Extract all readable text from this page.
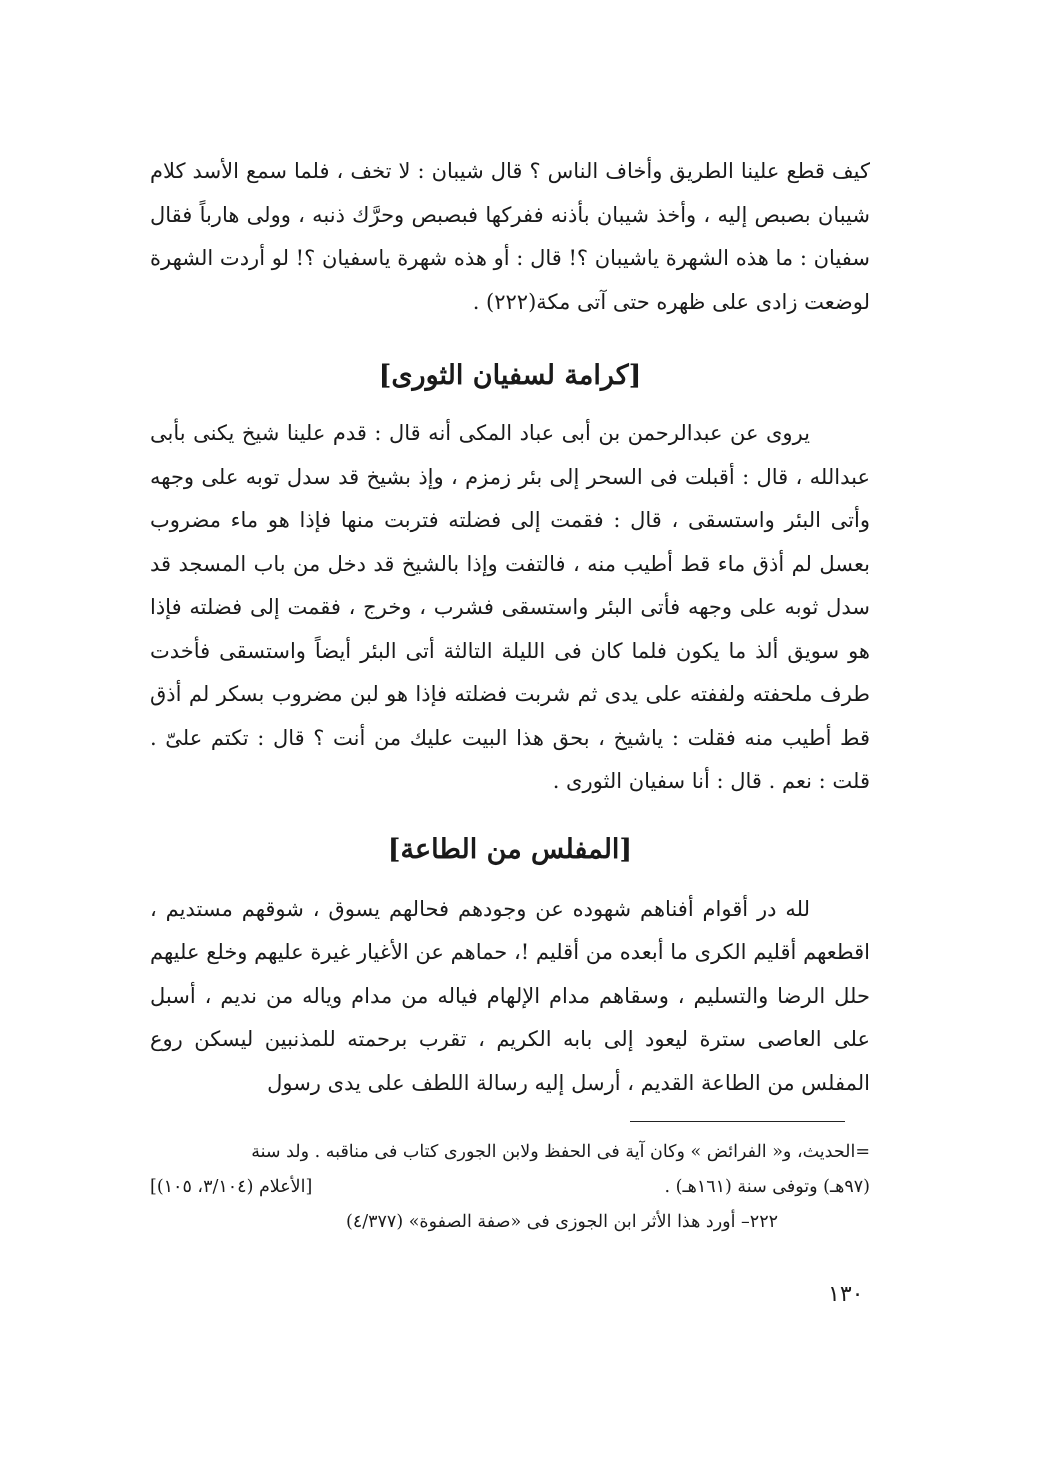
كيف قطع علينا الطريق وأخاف الناس ؟ قال شيبان : لا تخف ، فلما سمع الأسد كلام شيبان بصبص إليه ، وأخذ شيبان بأذنه ففركها فبصبص وحرَّك ذنبه ، وولى هارباً فقال سفيان : ما هذه الشهرة ياشيبان ؟! قال : أو هذه شهرة ياسفيان ؟! لو أردت الشهرة لوضعت زادى على ظهره حتى آتى مكة(٢٢٢) .

[كرامة لسفيان الثورى]

يروى عن عبدالرحمن بن أبى عباد المكى أنه قال : قدم علينا شيخ يكنى بأبى عبدالله ، قال : أقبلت فى السحر إلى بئر زمزم ، وإذ بشيخ قد سدل توبه على وجهه وأتى البئر واستسقى ، قال : فقمت إلى فضلته فتربت منها فإذا هو ماء مضروب بعسل لم أذق ماء قط أطيب منه ، فالتفت وإذا بالشيخ قد دخل من باب المسجد قد سدل ثوبه على وجهه فأتى البئر واستسقى فشرب ، وخرج ، فقمت إلى فضلته فإذا هو سويق ألذ ما يكون فلما كان فى الليلة التالثة أتى البئر أيضاً واستسقى فأخدت طرف ملحفته ولففته على يدى ثم شربت فضلته فإذا هو لبن مضروب بسكر لم أذق قط أطيب منه فقلت : ياشيخ ، بحق هذا البيت عليك من أنت ؟ قال : تكتم علىّ . قلت : نعم . قال : أنا سفيان الثورى .

[المفلس من الطاعة]

لله در أقوام أفناهم شهوده عن وجودهم فحالهم يسوق ، شوقهم مستديم ، اقطعهم أقليم الكرى ما أبعده من أقليم !، حماهم عن الأغيار غيرة عليهم وخلع عليهم حلل الرضا والتسليم ، وسقاهم مدام الإلهام فياله من مدام وياله من نديم ، أسبل على العاصى سترة ليعود إلى بابه الكريم ، تقرب برحمته للمذنبين ليسكن روع المفلس من الطاعة القديم ، أرسل إليه رسالة اللطف على يدى رسول

=الحديث، و« الفرائض » وكان آية فى الحفظ ولابن الجورى كتاب فى مناقبه . ولد سنة

(٩٧هـ) وتوفى سنة (١٦١هـ) .
[الأعلام (٣/١٠٤، ١٠٥)]

٢٢٢– أورد هذا الأثر ابن الجوزى فى «صفة الصفوة» (٤/٣٧٧)

١٣٠
